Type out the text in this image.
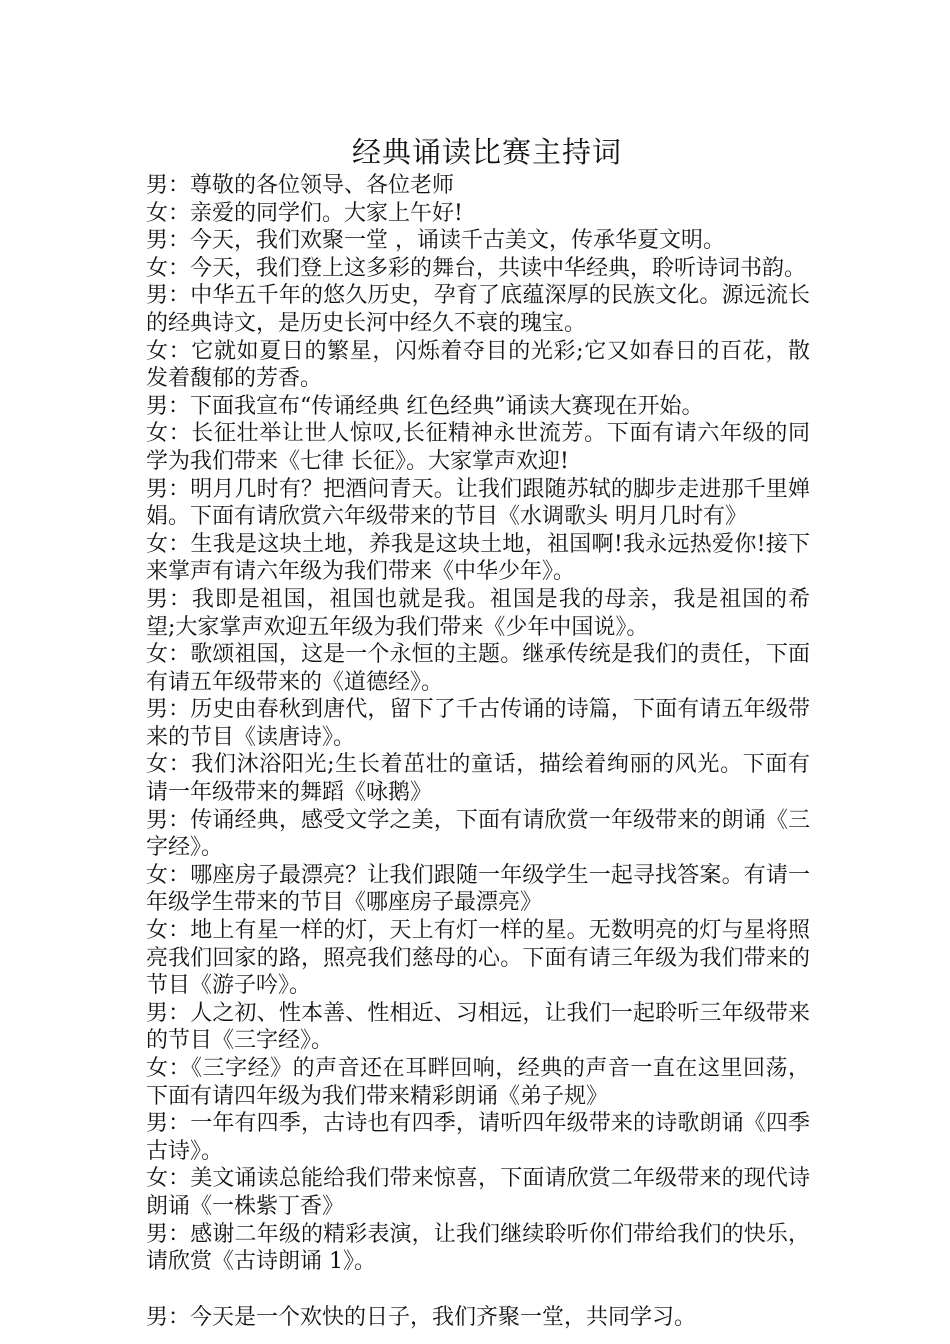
经典诵读比赛主持词

男：尊敬的各位领导、各位老师

女：亲爱的同学们。大家上午好!

男：今天，我们欢聚一堂 ，诵读千古美文，传承华夏文明。

女：今天，我们登上这多彩的舞台，共读中华经典，聆听诗词书韵。

男：中华五千年的悠久历史，孕育了底蕴深厚的民族文化。源远流长的经典诗文，是历史长河中经久不衰的瑰宝。

女：它就如夏日的繁星，闪烁着夺目的光彩;它又如春日的百花，散发着馥郁的芳香。

男：下面我宣布“传诵经典 红色经典”诵读大赛现在开始。

女：长征壮举让世人惊叹,长征精神永世流芳。下面有请六年级的同学为我们带来《七律 长征》。大家掌声欢迎!

男：明月几时有？把酒问青天。让我们跟随苏轼的脚步走进那千里婵娟。下面有请欣赏六年级带来的节目《水调歌头 明月几时有》

女：生我是这块土地，养我是这块土地，祖国啊!我永远热爱你!接下来掌声有请六年级为我们带来《中华少年》。

男：我即是祖国，祖国也就是我。祖国是我的母亲，我是祖国的希望;大家掌声欢迎五年级为我们带来《少年中国说》。

女：歌颂祖国，这是一个永恒的主题。继承传统是我们的责任，下面有请五年级带来的《道德经》。

男：历史由春秋到唐代，留下了千古传诵的诗篇，下面有请五年级带来的节目《读唐诗》。

女：我们沐浴阳光;生长着茁壮的童话，描绘着绚丽的风光。下面有请一年级带来的舞蹈《咏鹅》

男：传诵经典，感受文学之美，下面有请欣赏一年级带来的朗诵《三字经》。

女：哪座房子最漂亮？让我们跟随一年级学生一起寻找答案。有请一年级学生带来的节目《哪座房子最漂亮》

女：地上有星一样的灯，天上有灯一样的星。无数明亮的灯与星将照亮我们回家的路，照亮我们慈母的心。下面有请三年级为我们带来的节目《游子吟》。

男：人之初、性本善、性相近、习相远，让我们一起聆听三年级带来的节目《三字经》。

女：《三字经》的声音还在耳畔回响，经典的声音一直在这里回荡，下面有请四年级为我们带来精彩朗诵《弟子规》

男：一年有四季，古诗也有四季，请听四年级带来的诗歌朗诵《四季古诗》。

女：美文诵读总能给我们带来惊喜，下面请欣赏二年级带来的现代诗朗诵《一株紫丁香》

男：感谢二年级的精彩表演，让我们继续聆听你们带给我们的快乐，请欣赏《古诗朗诵 1》。

男：今天是一个欢快的日子，我们齐聚一堂，共同学习。
